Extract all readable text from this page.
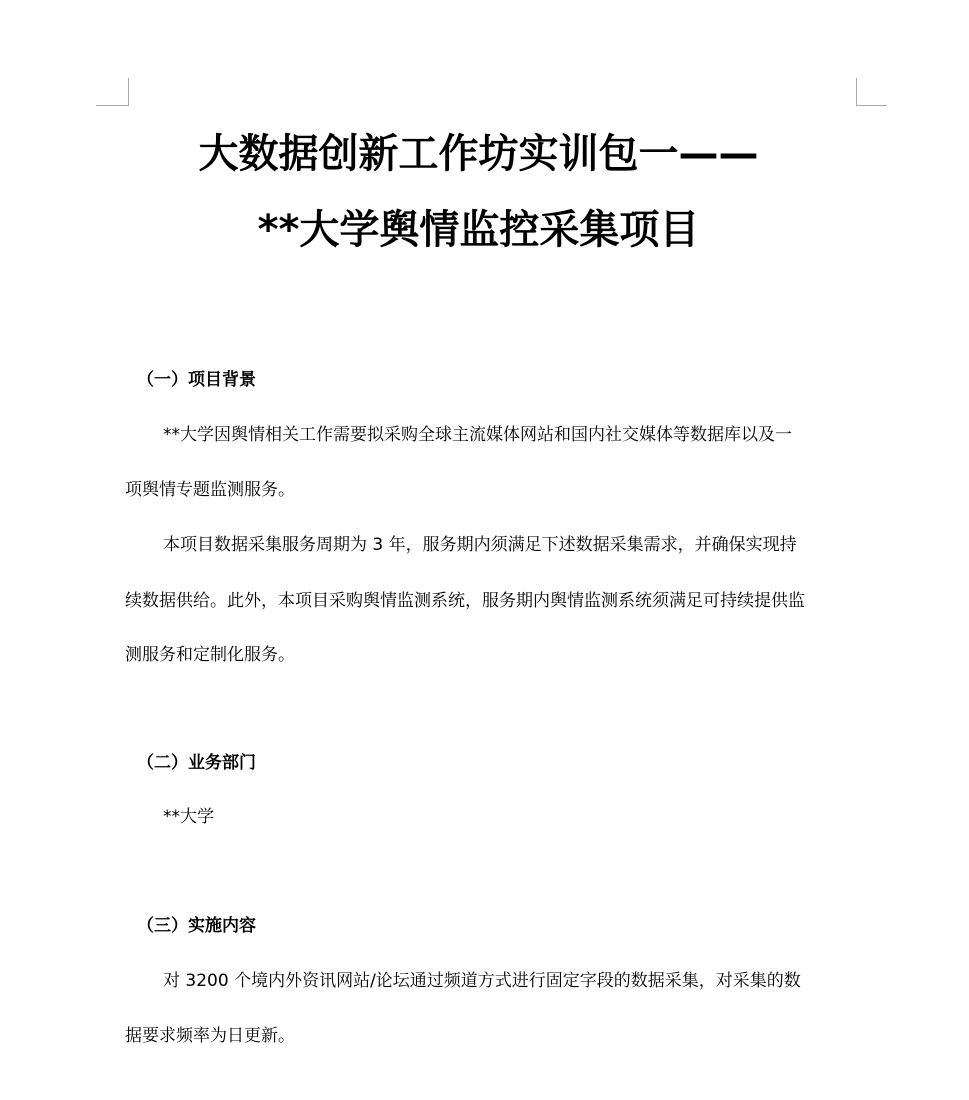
大数据创新工作坊实训包一——
**大学舆情监控采集项目
（一）项目背景
**大学因舆情相关工作需要拟采购全球主流媒体网站和国内社交媒体等数据库以及一
项舆情专题监测服务。
本项目数据采集服务周期为 3 年，服务期内须满足下述数据采集需求，并确保实现持
续数据供给。此外，本项目采购舆情监测系统，服务期内舆情监测系统须满足可持续提供监
测服务和定制化服务。
（二）业务部门
**大学
（三）实施内容
对 3200 个境内外资讯网站/论坛通过频道方式进行固定字段的数据采集，对采集的数
据要求频率为日更新。
